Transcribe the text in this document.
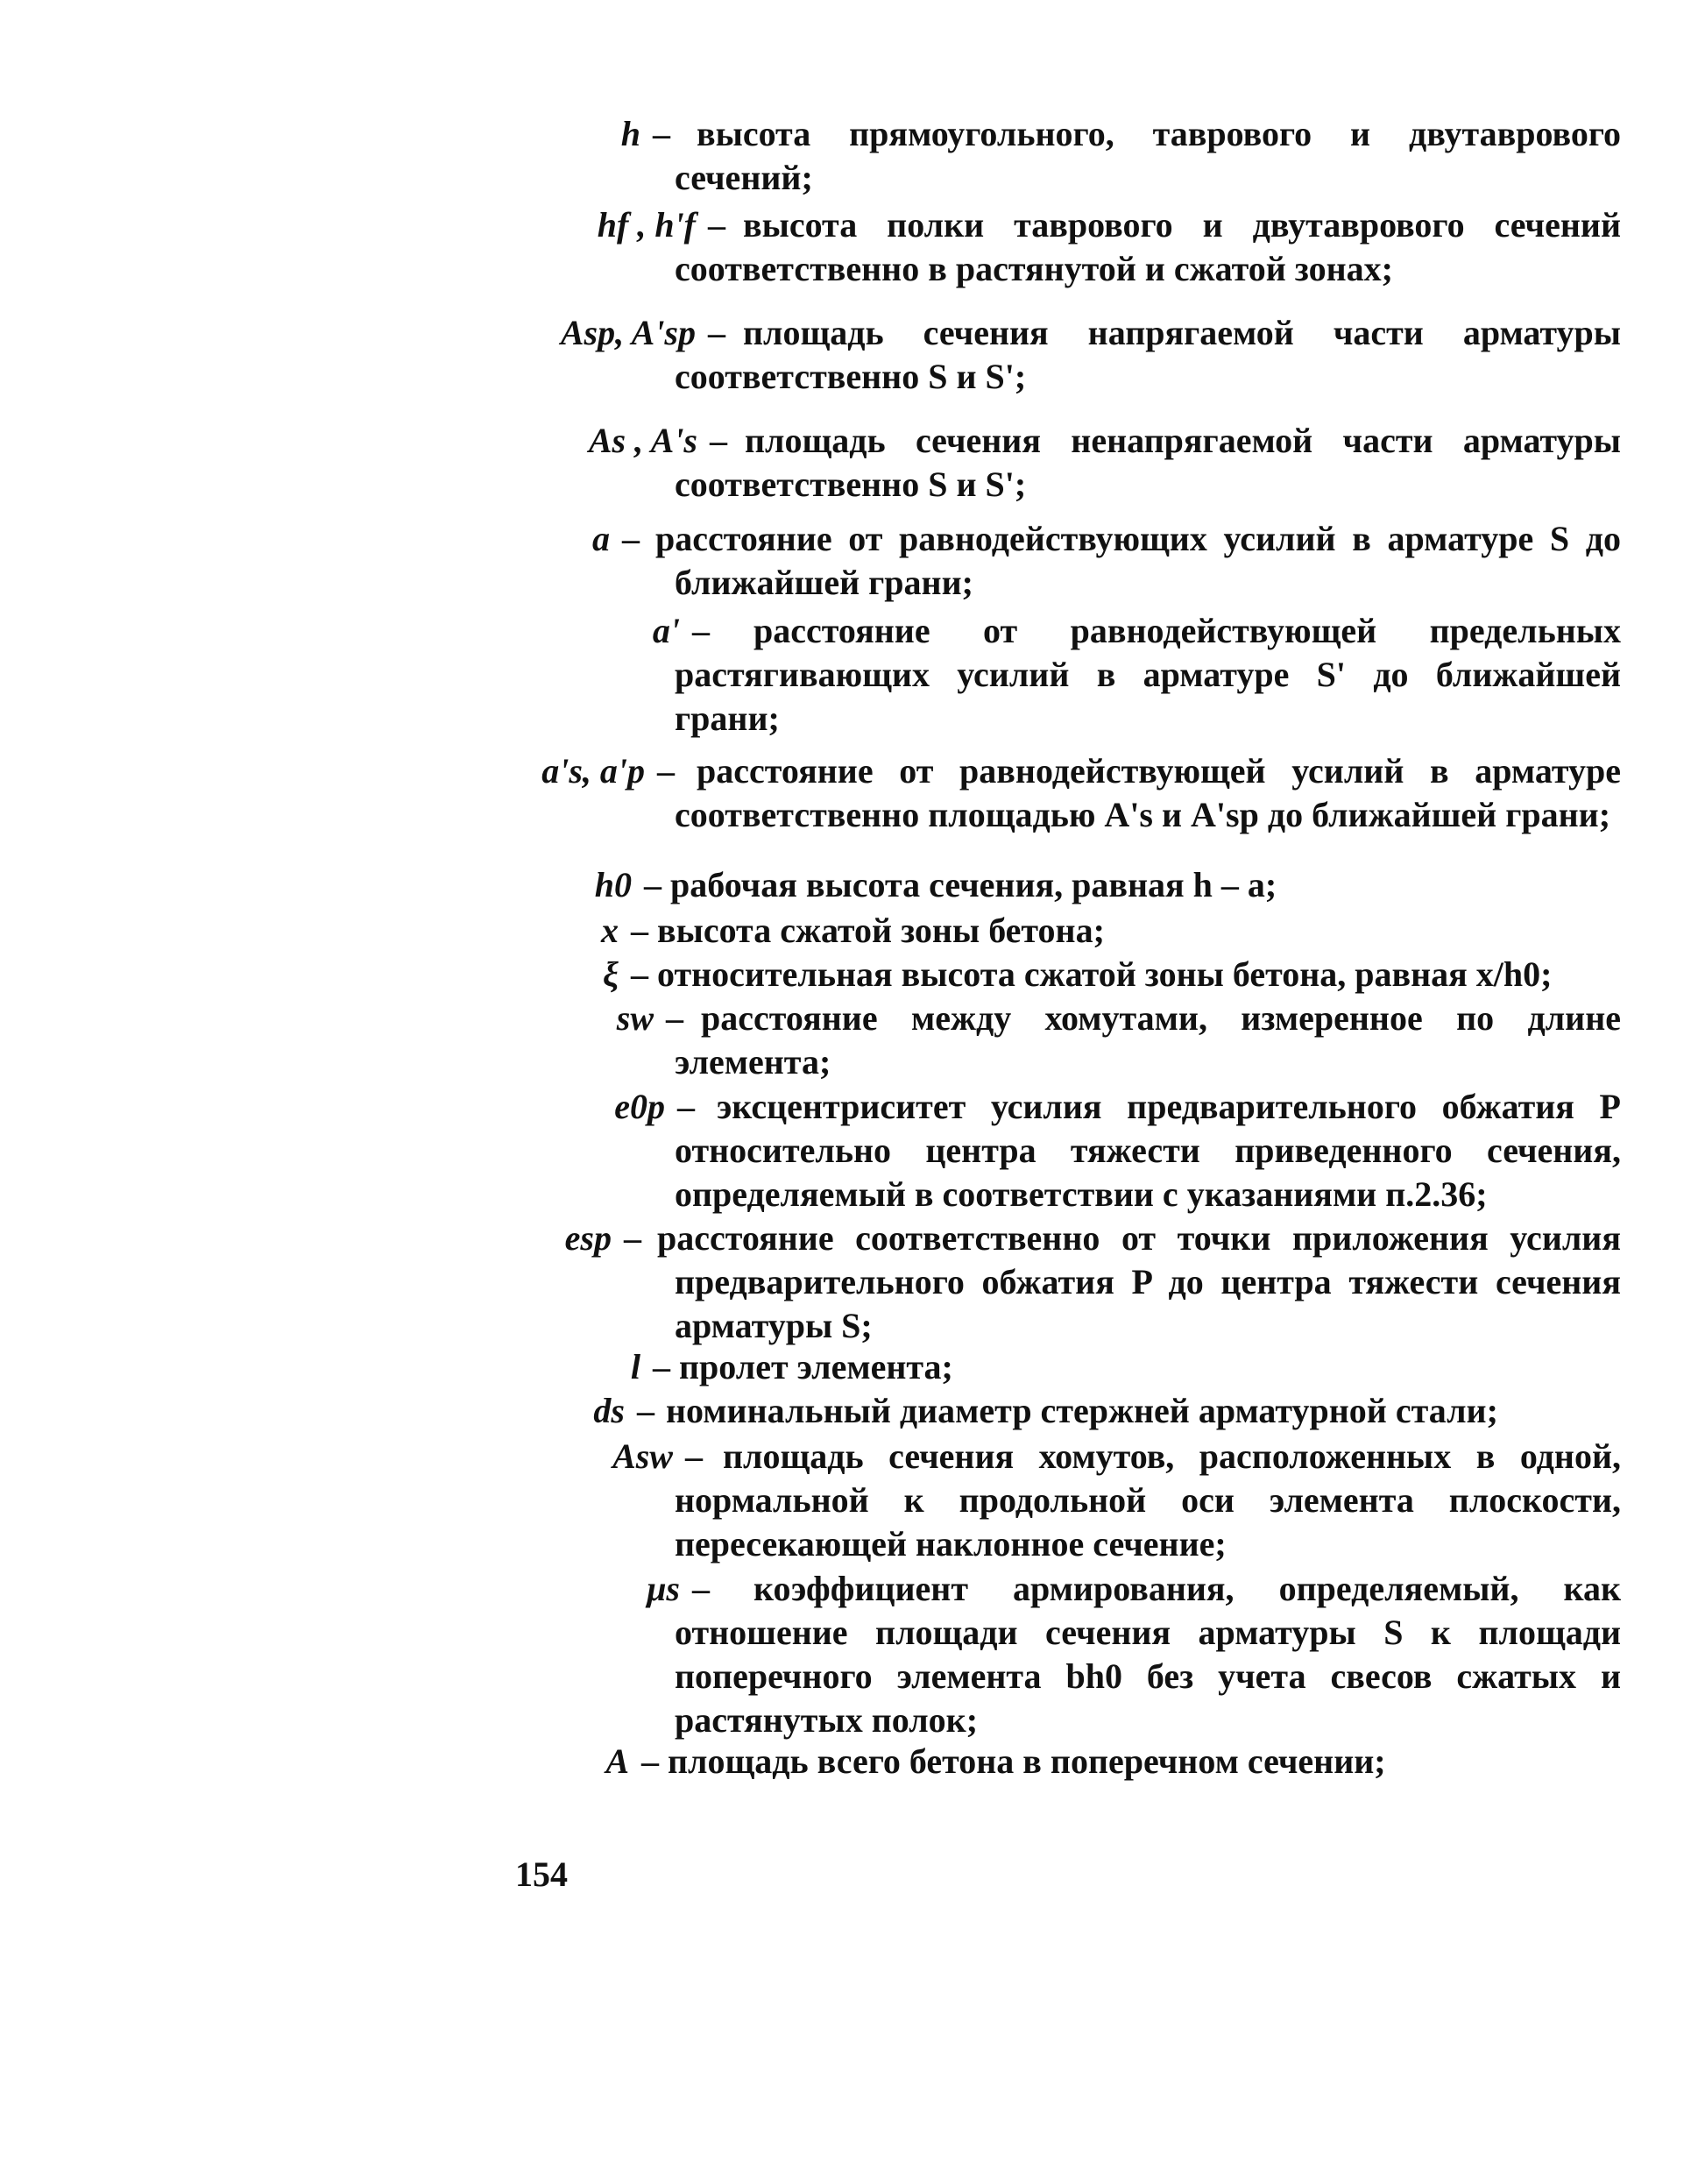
h – высота прямоугольного, таврового и двутаврового сечений;
hf , h'f – высота полки таврового и двутаврового сечений соответственно в растянутой и сжатой зонах;
Asp, A'sp – площадь сечения напрягаемой части арматуры соответственно S и S';
As , A's – площадь сечения ненапрягаемой части арматуры соответственно S и S';
a – расстояние от равнодействующих усилий в арматуре S до ближайшей грани;
a' –	расстояние от равнодействующей предельных растягивающих усилий в арматуре S' до ближайшей грани;
a's, a'p – расстояние от равнодействующей усилий в арматуре соответственно площадью A's и A'sp до ближайшей грани;
h0 – рабочая высота сечения, равная h – a;
x – высота сжатой зоны бетона;
ξ – относительная высота сжатой зоны бетона, равная x/h0;
sw – расстояние между хомутами, измеренное по длине элемента;
e0p – эксцентриситет усилия предварительного обжатия P относительно центра тяжести приведенного сечения, определяемый в соответствии с указаниями п.2.36;
esp – расстояние соответственно от точки приложения усилия предварительного обжатия P до центра тяжести сечения арматуры S;
l – пролет элемента;
ds – номинальный диаметр стержней арматурной стали;
Asw – площадь сечения хомутов, расположенных в одной, нормальной к продольной оси элемента плоскости, пересекающей наклонное сечение;
μs –	коэффициент армирования, определяемый, как отношение площади сечения арматуры S к площади поперечного элемента bh0 без учета свесов сжатых и растянутых полок;
A – площадь всего бетона в поперечном сечении;
154
